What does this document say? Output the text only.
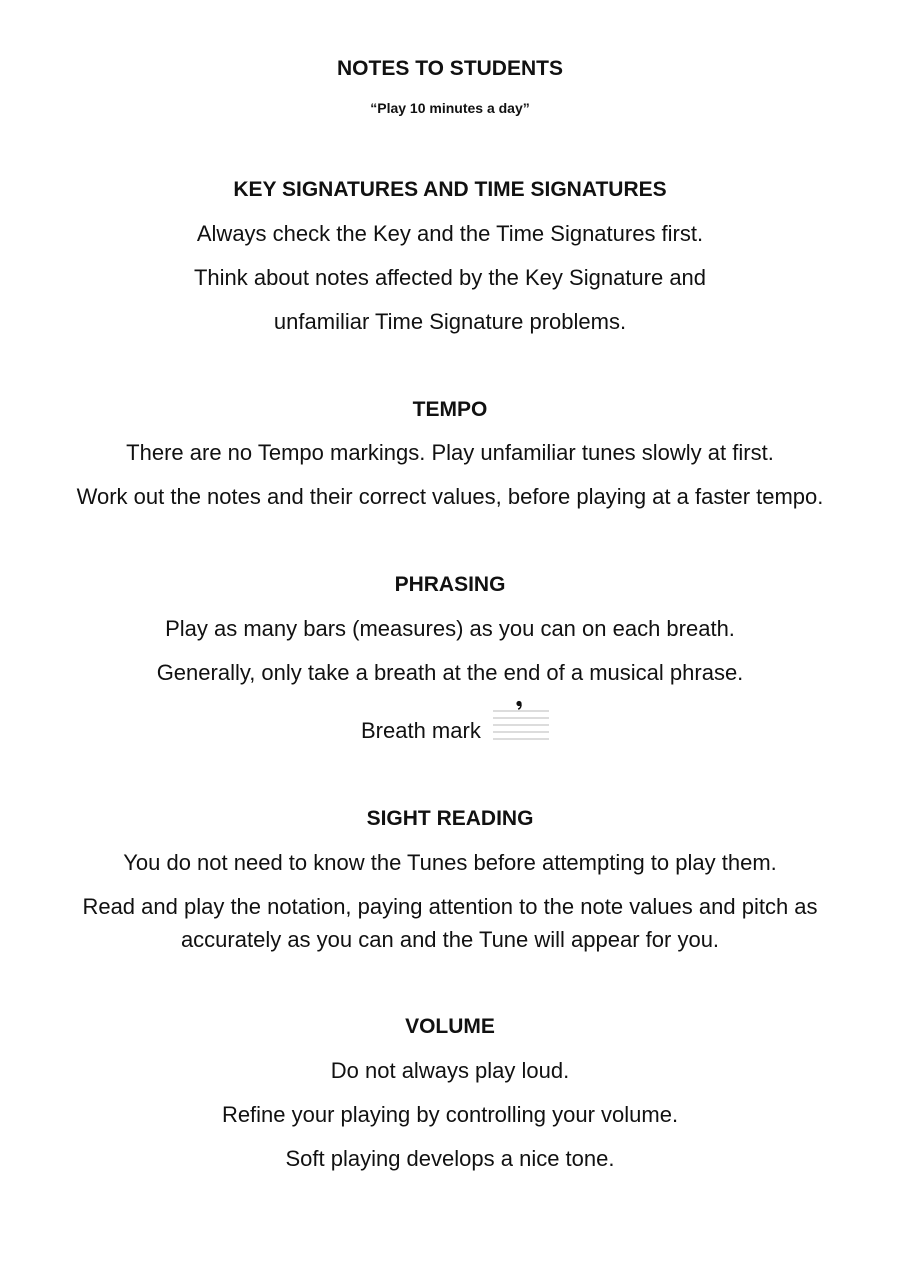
NOTES TO STUDENTS
“Play 10 minutes a day”
KEY SIGNATURES AND TIME SIGNATURES
Always check the Key and the Time Signatures first.
Think about notes affected by the Key Signature and
unfamiliar Time Signature problems.
TEMPO
There are no Tempo markings. Play unfamiliar tunes slowly at first.
Work out the notes and their correct values, before playing at a faster tempo.
PHRASING
Play as many bars (measures) as you can on each breath.
Generally, only take a breath at the end of a musical phrase.
Breath mark
SIGHT READING
You do not need to know the Tunes before attempting to play them.
Read and play the notation, paying attention to the note values and pitch as
accurately as you can and the Tune will appear for you.
VOLUME
Do not always play loud.
Refine your playing by controlling your volume.
Soft playing develops a nice tone.
